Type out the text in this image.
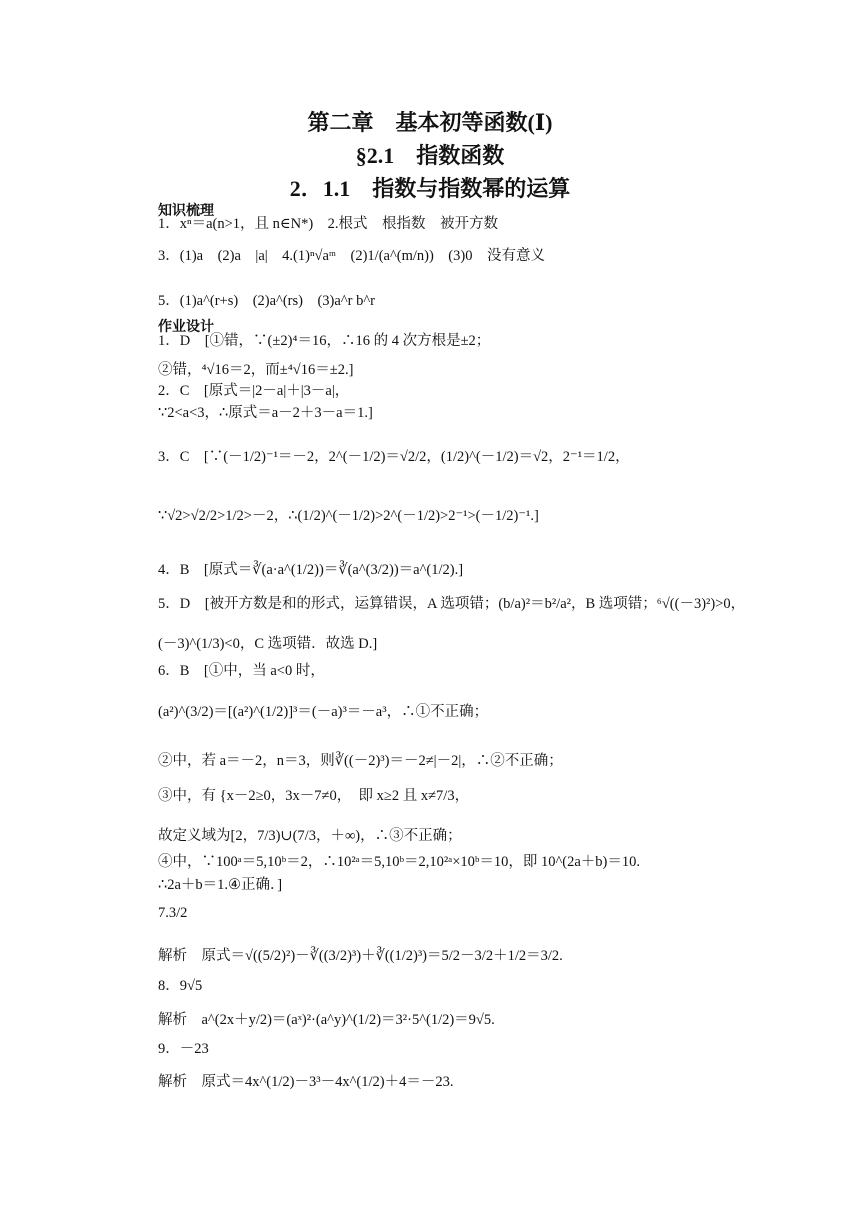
第二章　基本初等函数(Ⅰ)
§2.1　指数函数
2．1.1　指数与指数幂的运算
知识梳理
1．xⁿ＝a(n>1，且 n∈N*)　2.根式　根指数　被开方数
3．(1)a　(2)a　|a|　4.(1)ⁿ√aᵐ　(2)1/(a^(m/n))　(3)0　没有意义
5．(1)a^(r+s)　(2)a^(rs)　(3)a^r b^r
作业设计
1．D　[①错，∵(±2)⁴＝16，∴16 的 4 次方根是±2；
②错，⁴√16＝2，而±⁴√16＝±2.]
2．C　[原式＝|2－a|＋|3－a|，
∵2<a<3，∴原式＝a－2＋3－a＝1.]
3．C　[∵(－1/2)⁻¹＝－2，2^(－1/2)＝√2/2，(1/2)^(－1/2)＝√2，2⁻¹＝1/2，
∵√2>√2/2>1/2>－2，∴(1/2)^(－1/2)>2^(－1/2)>2⁻¹>(－1/2)⁻¹.]
4．B　[原式＝∛(a·a^(1/2))＝∛(a^(3/2))＝a^(1/2).]
5．D　[被开方数是和的形式，运算错误，A 选项错；(b/a)²＝b²/a²，B 选项错；⁶√((－3)²)>0，
(－3)^(1/3)<0，C 选项错．故选 D.]
6．B　[①中，当 a<0 时，
(a²)^(3/2)＝[(a²)^(1/2)]³＝(－a)³＝－a³，∴①不正确；
②中，若 a＝－2，n＝3，则∛((－2)³)＝－2≠|－2|，∴②不正确；
③中，有 {x－2≥0，3x－7≠0，　即 x≥2 且 x≠7/3，
故定义域为[2，7/3)∪(7/3，＋∞)，∴③不正确；
④中，∵100ᵃ＝5,10ᵇ＝2，∴10²ᵃ＝5,10ᵇ＝2,10²ᵃ×10ᵇ＝10，即 10^(2a＋b)＝10.
∴2a＋b＝1.④正确．]
7.3/2
解析　原式＝√((5/2)²)－∛((3/2)³)＋∛((1/2)³)＝5/2－3/2＋1/2＝3/2.
8．9√5
解析　a^(2x＋y/2)＝(aˣ)²·(a^y)^(1/2)＝3²·5^(1/2)＝9√5.
9．－23
解析　原式＝4x^(1/2)－3³－4x^(1/2)＋4＝－23.
